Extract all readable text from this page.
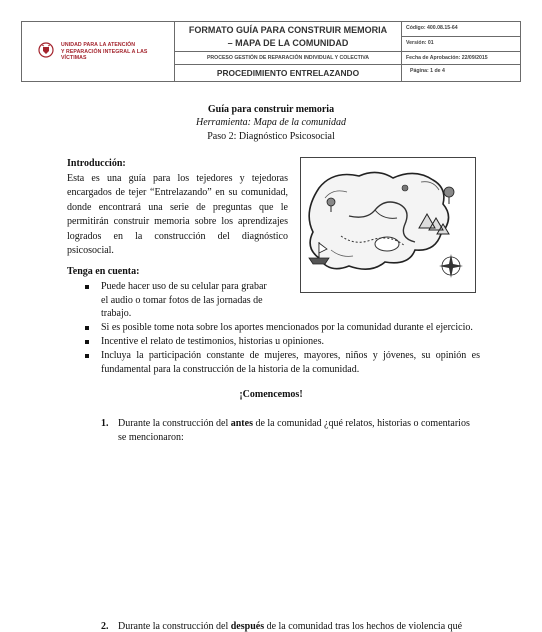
UNIDAD PARA LA ATENCIÓN
Y REPARACIÓN INTEGRAL A LAS VÍCTIMAS
FORMATO GUÍA PARA CONSTRUIR MEMORIA
– MAPA DE LA COMUNIDAD
PROCESO GESTIÓN DE REPARACIÓN INDIVIDUAL Y COLECTIVA
PROCEDIMIENTO ENTRELAZANDO
Código: 400.08.15-64
Versión: 01
Fecha de Aprobación: 22/09/2015
Página: 1 de 4
Guía para construir memoria
Herramienta: Mapa de la comunidad
Paso 2: Diagnóstico Psicosocial
Introducción:
Esta es una guía para los tejedores y tejedoras encargados de tejer “Entrelazando” en su comunidad, donde encontrará una serie de preguntas que le permitirán construir memoria sobre los aprendizajes logrados en la construcción del diagnóstico psicosocial.
Tenga en cuenta:
Puede hacer uso de su celular para grabar el audio o tomar fotos de las jornadas de trabajo.
Si es posible tome nota sobre los aportes mencionados por la comunidad durante el ejercicio.
Incentive el relato de testimonios, historias u opiniones.
Incluya la participación constante de mujeres, mayores, niños y jóvenes, su opinión es fundamental para la construcción de la historia de la comunidad.
¡Comencemos!
1. Durante la construcción del antes de la comunidad ¿qué relatos, historias o comentarios se mencionaron:
2. Durante la construcción del después de la comunidad tras los hechos de violencia qué
